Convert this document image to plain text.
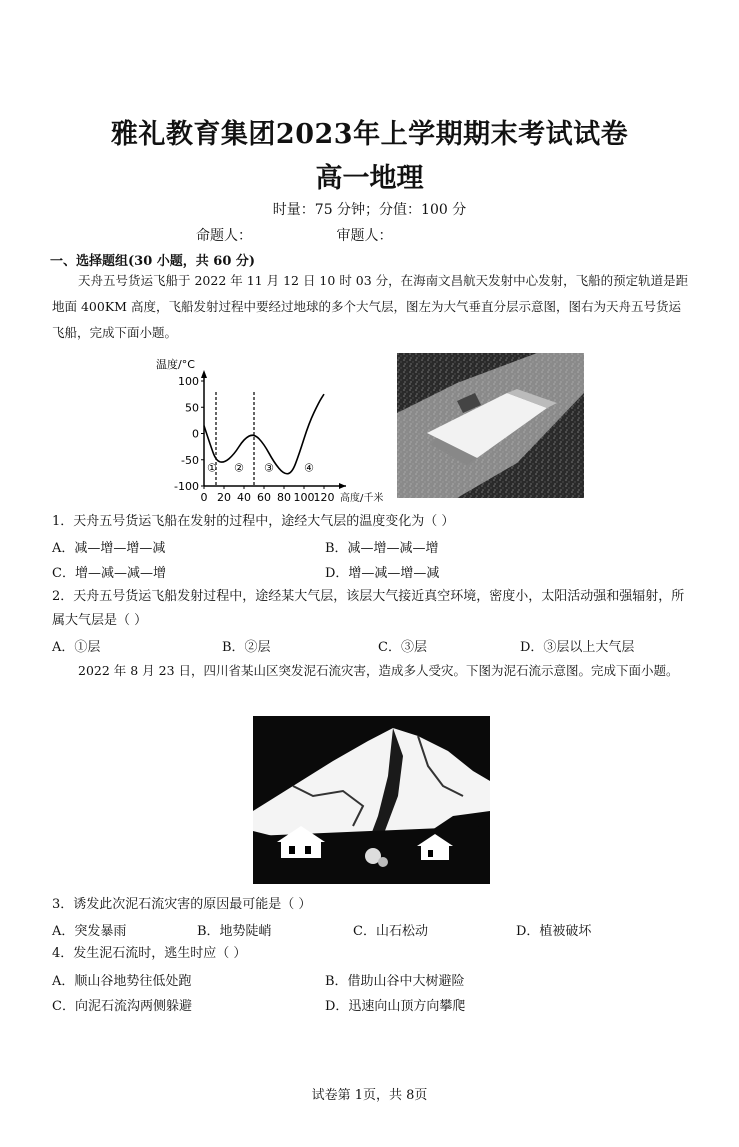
雅礼教育集团2023年上学期期末考试试卷
高一地理
时量：75 分钟；分值：100 分
命题人：	审题人：
一、选择题组(30 小题，共 60 分)
天舟五号货运飞船于 2022 年 11 月 12 日 10 时 03 分，在海南文昌航天发射中心发射，飞船的预定轨道是距地面 400KM 高度，飞船发射过程中要经过地球的多个大气层，图左为大气垂直分层示意图，图右为天舟五号货运飞船，完成下面小题。
温度/°C
高度/千米
100
50
0
-50
-100
0 20 40 60 80 100 120
① ② ③	④
1．天舟五号货运飞船在发射的过程中，途经大气层的温度变化为（ ）
A．减—增—增—减	B．减—增—减—增
C．增—减—减—增	D．增—减—增—减
2．天舟五号货运飞船发射过程中，途经某大气层，该层大气接近真空环境，密度小，太阳活动强和强辐射，所属大气层是（ ）
A．①层	B．②层	C．③层	D．③层以上大气层
2022 年 8 月 23 日，四川省某山区突发泥石流灾害，造成多人受灾。下图为泥石流示意图。完成下面小题。
3．诱发此次泥石流灾害的原因最可能是（ ）
A．突发暴雨	B．地势陡峭	C．山石松动	D．植被破坏
4．发生泥石流时，逃生时应（ ）
A．顺山谷地势往低处跑	B．借助山谷中大树避险
C．向泥石流沟两侧躲避	D．迅速向山顶方向攀爬
试卷第 1页，共 8页
